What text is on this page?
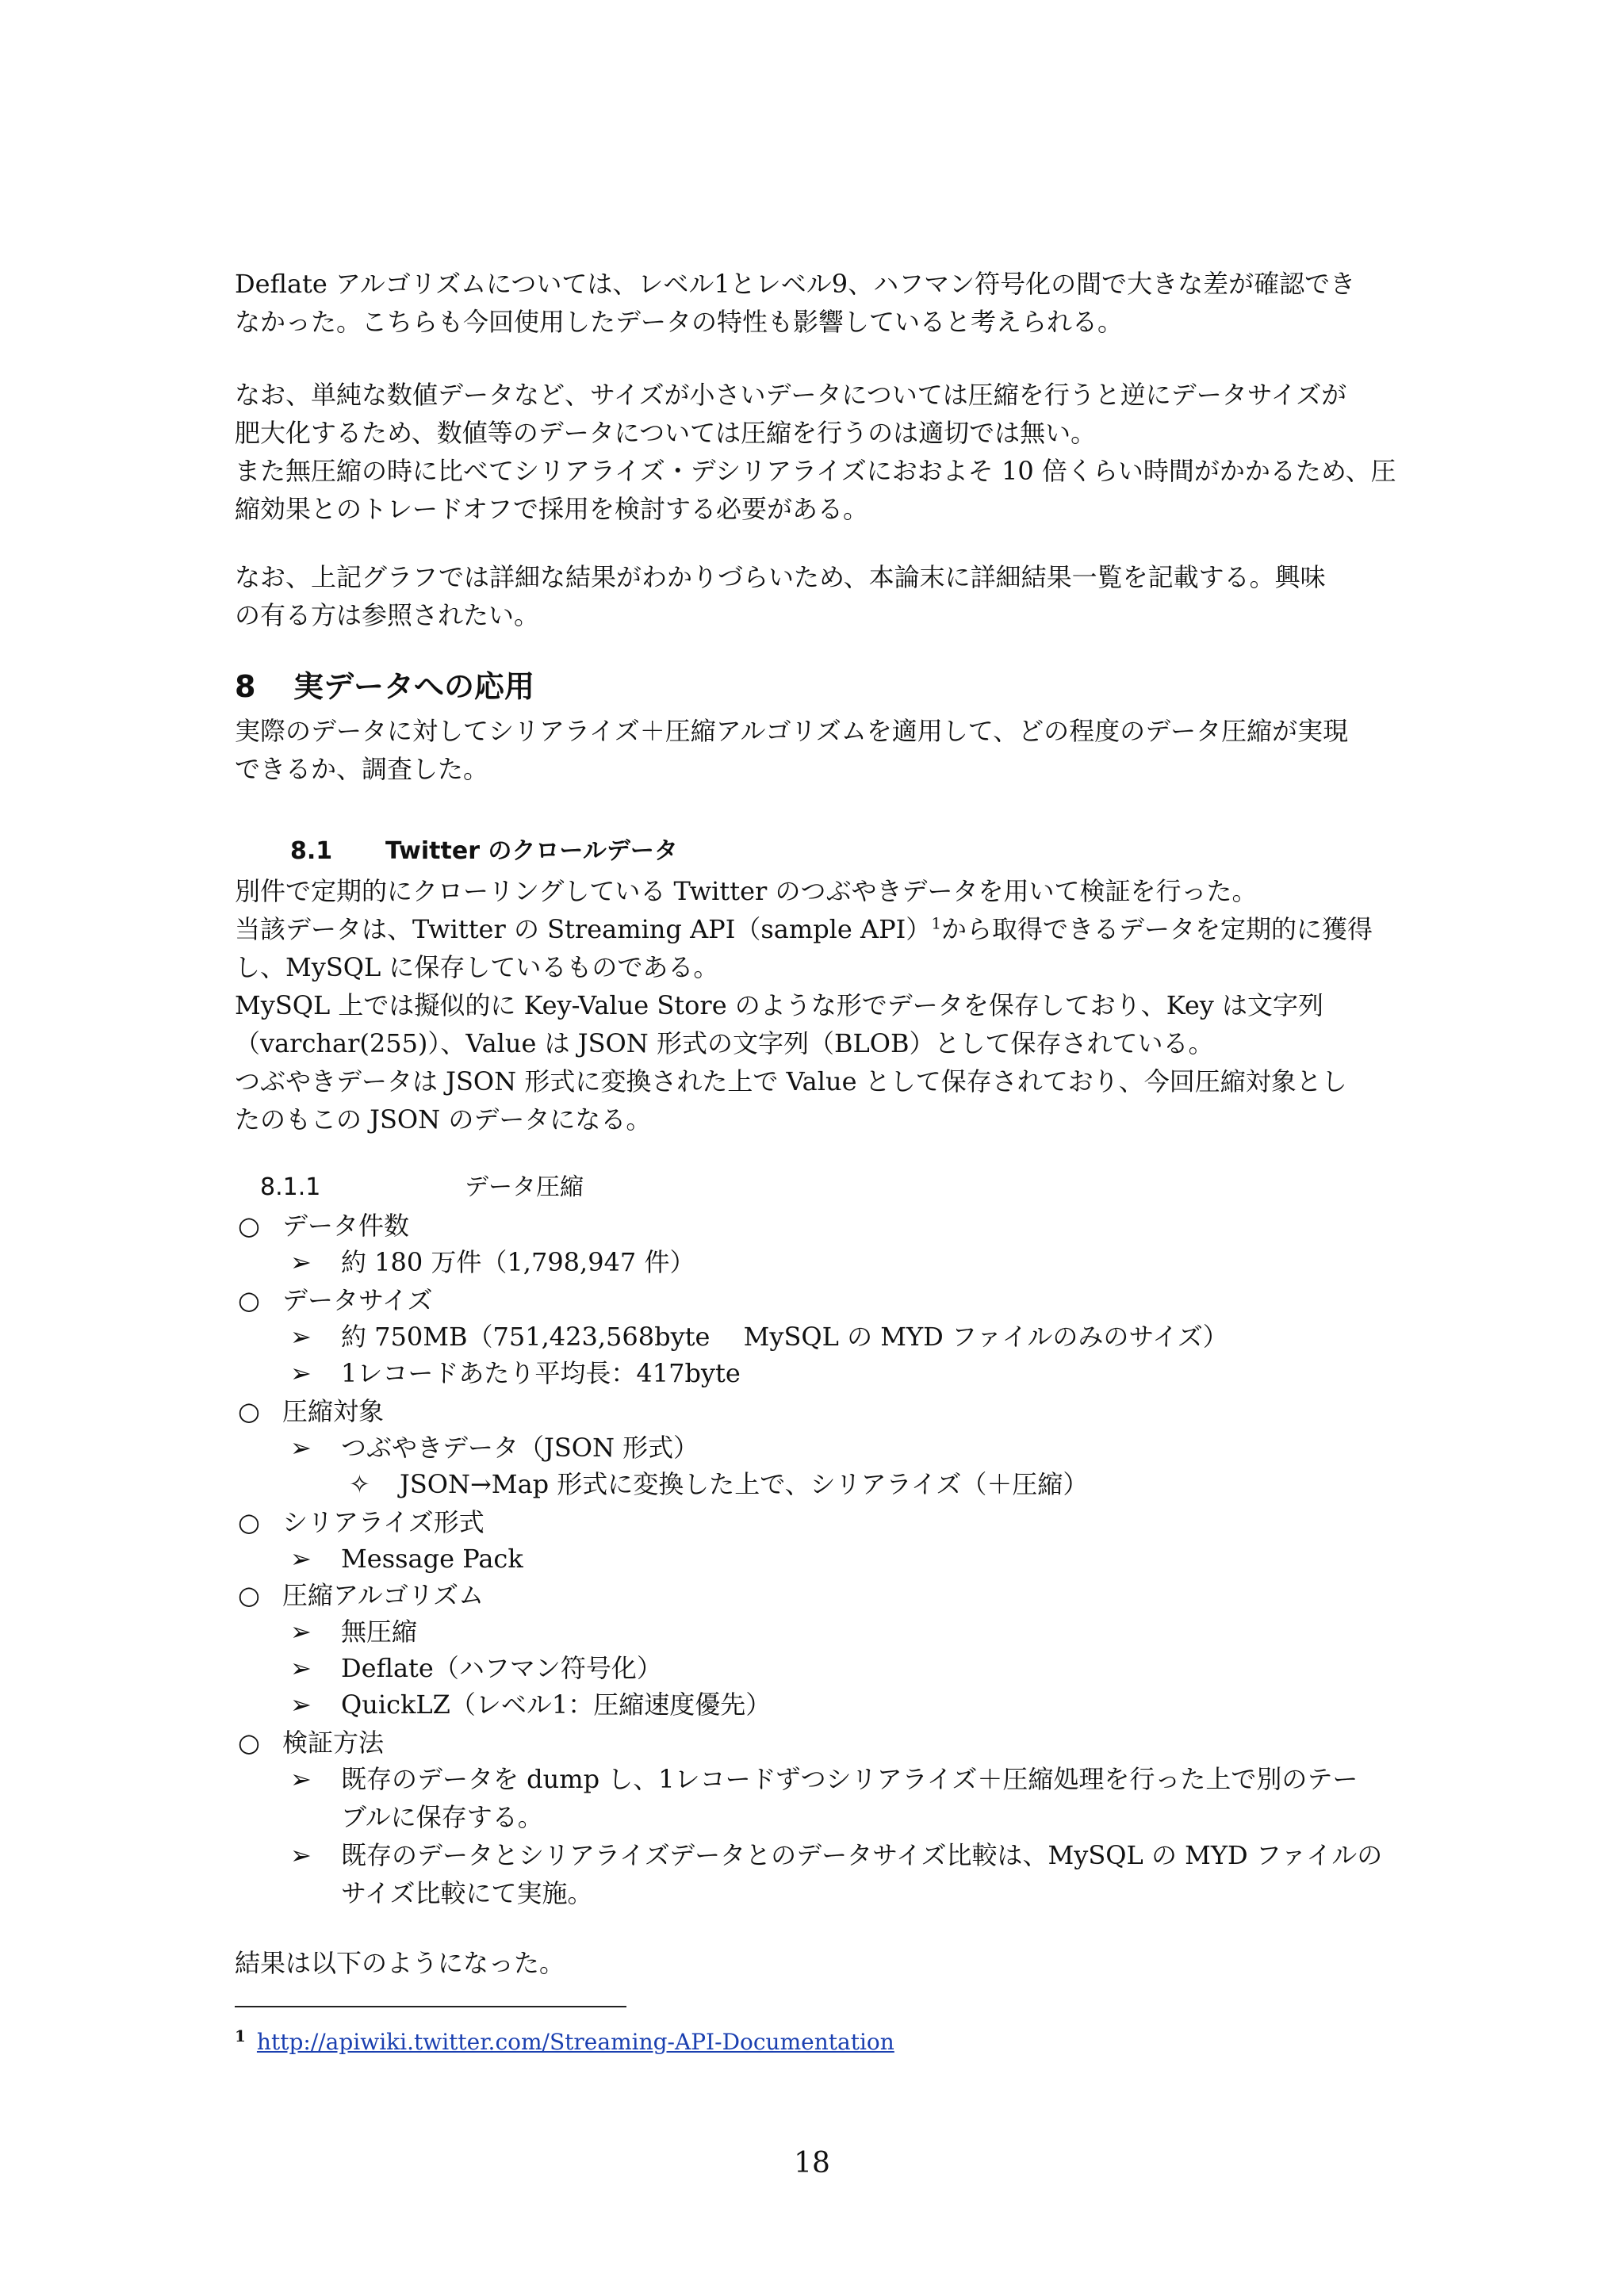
Deflate アルゴリズムについては、レベル1とレベル9、ハフマン符号化の間で大きな差が確認でき
なかった。こちらも今回使用したデータの特性も影響していると考えられる。
なお、単純な数値データなど、サイズが小さいデータについては圧縮を行うと逆にデータサイズが
肥大化するため、数値等のデータについては圧縮を行うのは適切では無い。
また無圧縮の時に比べてシリアライズ・デシリアライズにおおよそ 10 倍くらい時間がかかるため、圧
縮効果とのトレードオフで採用を検討する必要がある。
なお、上記グラフでは詳細な結果がわかりづらいため、本論末に詳細結果一覧を記載する。興味
の有る方は参照されたい。
8 実データへの応用
実際のデータに対してシリアライズ＋圧縮アルゴリズムを適用して、どの程度のデータ圧縮が実現
できるか、調査した。
8.1 Twitter のクロールデータ
別件で定期的にクローリングしている Twitter のつぶやきデータを用いて検証を行った。
当該データは、Twitter の Streaming API（sample API）$^1$から取得できるデータを定期的に獲得
し、MySQL に保存しているものである。
MySQL 上では擬似的に Key-Value Store のような形でデータを保存しており、Key は文字列
（varchar(255)）、Value は JSON 形式の文字列（BLOB）として保存されている。
つぶやきデータは JSON 形式に変換された上で Value として保存されており、今回圧縮対象とし
たのもこの JSON のデータになる。
8.1.1	データ圧縮
○ データ件数
➢ 約 180 万件（1,798,947 件）
○ データサイズ
➢ 約 750MB（751,423,568byte　 MySQL の MYD ファイルのみのサイズ）
➢ 1レコードあたり平均長：417byte
○ 圧縮対象
➢ つぶやきデータ（JSON 形式）
✧ JSON→Map 形式に変換した上で、シリアライズ（＋圧縮）
○ シリアライズ形式
➢ Message Pack
○ 圧縮アルゴリズム
➢ 無圧縮
➢ Deflate（ハフマン符号化）
➢ QuickLZ（レベル1：圧縮速度優先）
○ 検証方法
➢ 既存のデータを dump し、1レコードずつシリアライズ＋圧縮処理を行った上で別のテー
ブルに保存する。
➢ 既存のデータとシリアライズデータとのデータサイズ比較は、MySQL の MYD ファイルの
サイズ比較にて実施。
結果は以下のようになった。
$^1$ http://apiwiki.twitter.com/Streaming-API-Documentation
18
